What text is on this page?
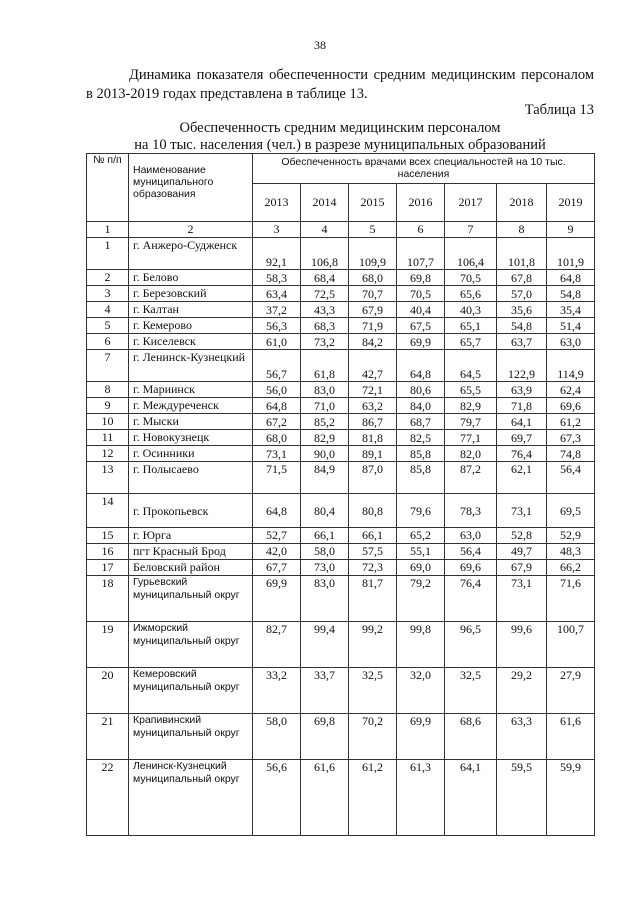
38
Динамика показателя обеспеченности средним медицинским персоналом в 2013-2019 годах представлена в таблице 13.
Таблица 13
Обеспеченность средним медицинским персоналом
на 10 тыс. населения (чел.) в разрезе муниципальных образований
№ п/п	Наименование муниципального образования	Обеспеченность врачами всех специальностей на 10 тыс. населения						
		2013	2014	2015	2016	2017	2018	2019
1	2	3	4	5	6	7	8	9
1	г. Анжеро-Судженск	92,1	106,8	109,9	107,7	106,4	101,8	101,9
2	г. Белово	58,3	68,4	68,0	69,8	70,5	67,8	64,8
3	г. Березовский	63,4	72,5	70,7	70,5	65,6	57,0	54,8
4	г. Калтан	37,2	43,3	67,9	40,4	40,3	35,6	35,4
5	г. Кемерово	56,3	68,3	71,9	67,5	65,1	54,8	51,4
6	г. Киселевск	61,0	73,2	84,2	69,9	65,7	63,7	63,0
7	г. Ленинск-Кузнецкий	56,7	61,8	42,7	64,8	64,5	122,9	114,9
8	г. Мариинск	56,0	83,0	72,1	80,6	65,5	63,9	62,4
9	г. Междуреченск	64,8	71,0	63,2	84,0	82,9	71,8	69,6
10	г. Мыски	67,2	85,2	86,7	68,7	79,7	64,1	61,2
11	г. Новокузнецк	68,0	82,9	81,8	82,5	77,1	69,7	67,3
12	г. Осинники	73,1	90,0	89,1	85,8	82,0	76,4	74,8
13	г. Полысаево	71,5	84,9	87,0	85,8	87,2	62,1	56,4
14	г. Прокопьевск	64,8	80,4	80,8	79,6	78,3	73,1	69,5
15	г. Юрга	52,7	66,1	66,1	65,2	63,0	52,8	52,9
16	пгт Красный Брод	42,0	58,0	57,5	55,1	56,4	49,7	48,3
17	Беловский район	67,7	73,0	72,3	69,0	69,6	67,9	66,2
18	Гурьевский муниципальный округ	69,9	83,0	81,7	79,2	76,4	73,1	71,6
19	Ижморский муниципальный округ	82,7	99,4	99,2	99,8	96,5	99,6	100,7
20	Кемеровский муниципальный округ	33,2	33,7	32,5	32,0	32,5	29,2	27,9
21	Крапивинский муниципальный округ	58,0	69,8	70,2	69,9	68,6	63,3	61,6
22	Ленинск-Кузнецкий муниципальный округ	56,6	61,6	61,2	61,3	64,1	59,5	59,9
